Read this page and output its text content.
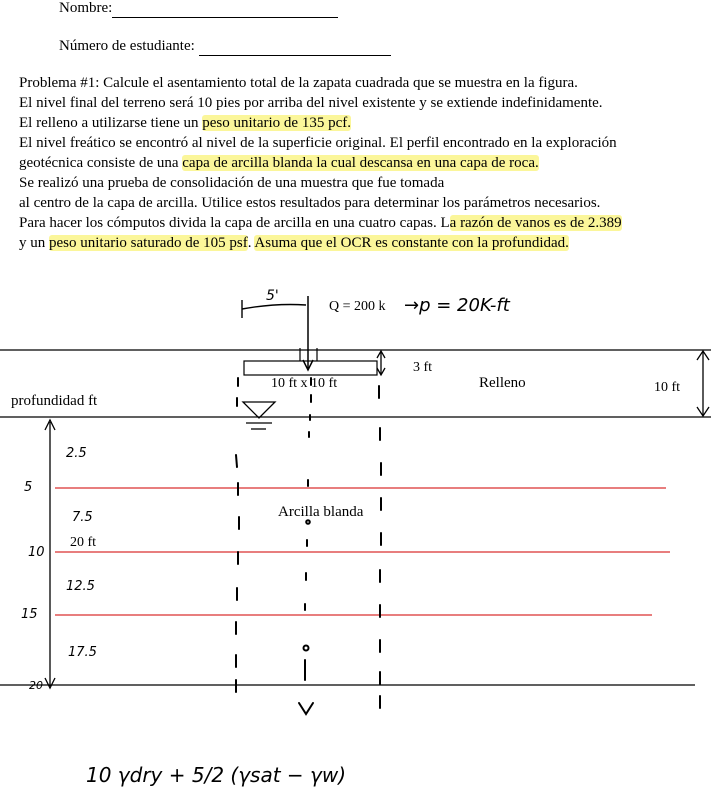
Nombre:
Número de estudiante:
Problema #1: Calcule el asentamiento total de la zapata cuadrada que se muestra en la figura.
El nivel final del terreno será 10 pies por arriba del nivel existente y se extiende indefinidamente.
El relleno a utilizarse tiene un peso unitario de 135 pcf.
El nivel freático se encontró al nivel de la superficie original. El perfil encontrado en la exploración
geotécnica consiste de una capa de arcilla blanda la cual descansa en una capa de roca.
Se realizó una prueba de consolidación de una muestra que fue tomada
al centro de la capa de arcilla. Utilice estos resultados para determinar los parámetros necesarios.
Para hacer los cómputos divida la capa de arcilla en una cuatro capas. La razón de vanos es de 2.389
y un peso unitario saturado de 105 psf. Asuma que el OCR es constante con la profundidad.
5'
Q = 200 k →p = 20K-ft
3 ft
10 ft x 10 ft	Relleno	10 ft
profundidad ft
Arcilla blanda
20 ft
5
10
15
20
2.5
7.5
12.5
17.5
10 γdry + 5/2 (γsat − γw)
